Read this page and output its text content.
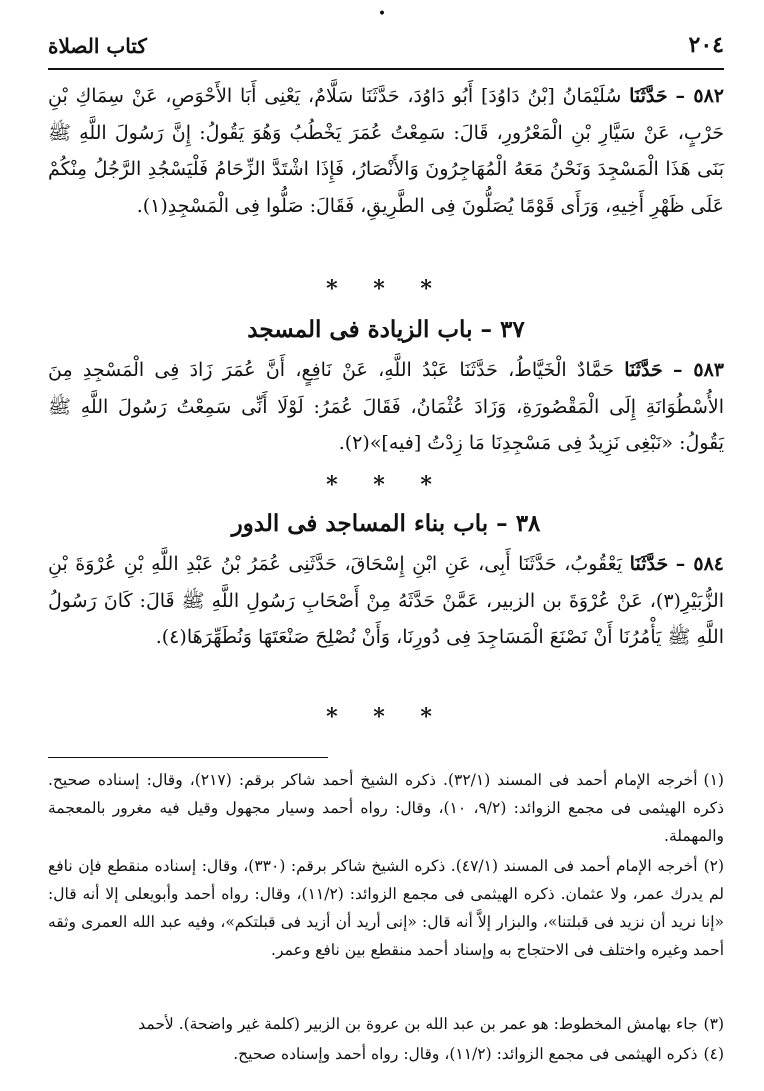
•
٢٠٤
كتاب الصلاة
٥٨٢ – حَدَّثَنَا سُلَيْمَانُ [بْنُ دَاوُدَ] أَبُو دَاوُدَ، حَدَّثَنَا سَلَّامٌ، يَعْنِى أَبَا الأَحْوَصِ، عَنْ سِمَاكِ بْنِ حَرْبٍ، عَنْ سَيَّارِ بْنِ الْمَعْرُورِ، قَالَ: سَمِعْتُ عُمَرَ يَخْطُبُ وَهُوَ يَقُولُ: إِنَّ رَسُولَ اللَّهِ ﷺ بَنَى هَذَا الْمَسْجِدَ وَنَحْنُ مَعَهُ الْمُهَاجِرُونَ وَالأَنْصَارُ، فَإِذَا اشْتَدَّ الزِّحَامُ فَلْيَسْجُدِ الرَّجُلُ مِنْكُمْ عَلَى ظَهْرِ أَخِيهِ، وَرَأَى قَوْمًا يُصَلُّونَ فِى الطَّرِيقِ، فَقَالَ: صَلُّوا فِى الْمَسْجِدِ(١).
* * *
٣٧ – باب الزيادة فى المسجد
٥٨٣ – حَدَّثَنَا حَمَّادٌ الْخَيَّاطُ، حَدَّثَنَا عَبْدُ اللَّهِ، عَنْ نَافِعٍ، أَنَّ عُمَرَ زَادَ فِى الْمَسْجِدِ مِنَ الأُسْطُوَانَةِ إِلَى الْمَقْصُورَةِ، وَزَادَ عُثْمَانُ، فَقَالَ عُمَرُ: لَوْلَا أَنِّى سَمِعْتُ رَسُولَ اللَّهِ ﷺ يَقُولُ: «نَبْغِى نَزِيدُ فِى مَسْجِدِنَا مَا زِدْتُ [فيه]»(٢).
* * *
٣٨ – باب بناء المساجد فى الدور
٥٨٤ – حَدَّثَنَا يَعْقُوبُ، حَدَّثَنَا أَبِى، عَنِ ابْنِ إِسْحَاقَ، حَدَّثَنِى عُمَرُ بْنُ عَبْدِ اللَّهِ بْنِ عُرْوَةَ بْنِ الزُّبَيْرِ(٣)، عَنْ عُرْوَةَ بن الزبير، عَمَّنْ حَدَّثَهُ مِنْ أَصْحَابِ رَسُولِ اللَّهِ ﷺ قَالَ: كَانَ رَسُولُ اللَّهِ ﷺ يَأْمُرُنَا أَنْ نَصْنَعَ الْمَسَاجِدَ فِى دُورِنَا، وَأَنْ نُصْلِحَ صَنْعَتَهَا وَنُطَهِّرَهَا(٤).
* * *
(١)أخرجه الإمام أحمد فى المسند (٣٢/١). ذكره الشيخ أحمد شاكر برقم: (٢١٧)، وقال: إسناده صحيح. ذكره الهيثمى فى مجمع الزوائد: (٩/٢، ١٠)، وقال: رواه أحمد وسيار مجهول وقيل فيه مغرور بالمعجمة والمهملة.
(٢)أخرجه الإمام أحمد فى المسند (٤٧/١). ذكره الشيخ شاكر برقم: (٣٣٠)، وقال: إسناده منقطع فإن نافع لم يدرك عمر، ولا عثمان. ذكره الهيثمى فى مجمع الزوائد: (١١/٢)، وقال: رواه أحمد وأبويعلى إلا أنه قال: «إنا نريد أن نزيد فى قبلتنا»، والبزار إلاَّ أنه قال: «إنى أريد أن أزيد فى قبلتكم»، وفيه عبد الله العمرى وثقه أحمد وغيره واختلف فى الاحتجاج به وإسناد أحمد منقطع بين نافع وعمر.
(٣)جاء بهامش المخطوط: هو عمر بن عبد الله بن عروة بن الزبير (كلمة غير واضحة). لأحمد
(٤)ذكره الهيثمى فى مجمع الزوائد: (١١/٢)، وقال: رواه أحمد وإسناده صحيح.
